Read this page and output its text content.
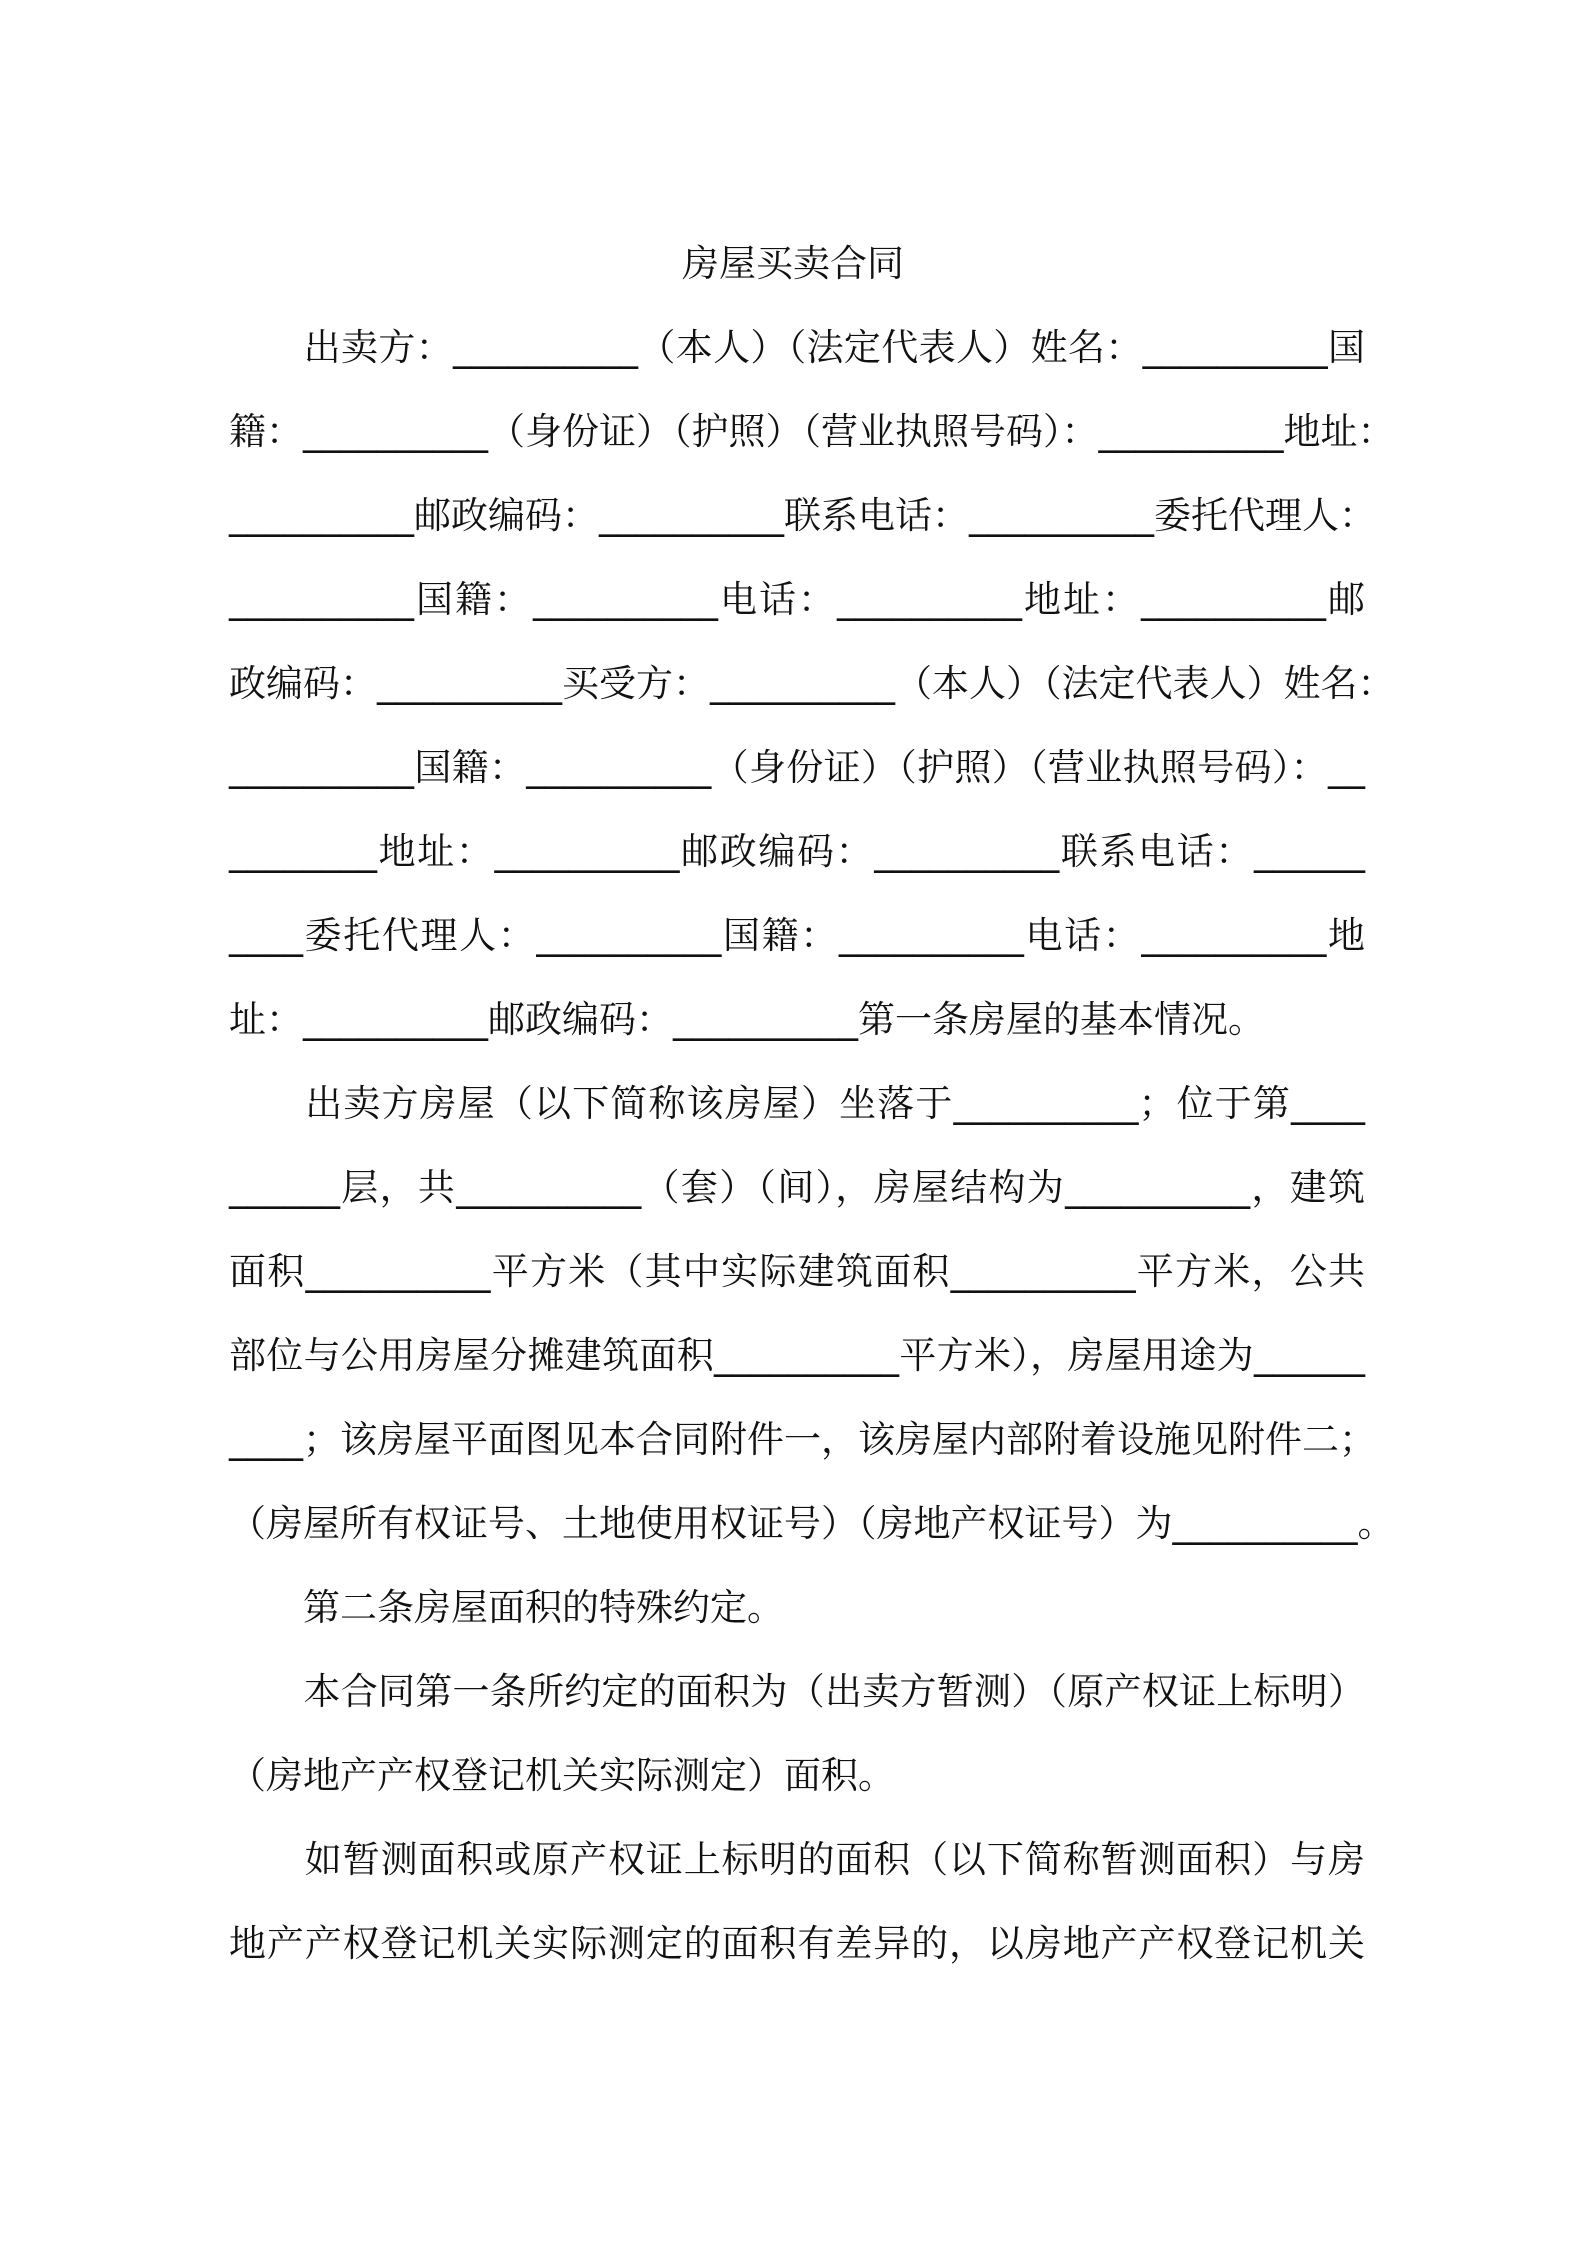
房屋买卖合同
　　出卖方：__________（本人）（法定代表人）姓名：__________国
籍：__________（身份证）（护照）（营业执照号码）：__________地址：
__________邮政编码：__________联系电话：__________委托代理人：
__________国籍：__________电话：__________地址：__________邮
政编码：__________买受方：__________（本人）（法定代表人）姓名：
__________国籍：__________（身份证）（护照）（营业执照号码）：__
________地址：__________邮政编码：__________联系电话：______
____委托代理人：__________国籍：__________电话：__________地
址：__________邮政编码：__________第一条房屋的基本情况。
　　出卖方房屋（以下简称该房屋）坐落于__________；位于第____
______层，共__________（套）（间），房屋结构为__________，建筑
面积__________平方米（其中实际建筑面积__________平方米，公共
部位与公用房屋分摊建筑面积__________平方米），房屋用途为______
____；该房屋平面图见本合同附件一，该房屋内部附着设施见附件二；
（房屋所有权证号、土地使用权证号）（房地产权证号）为__________。
　　第二条房屋面积的特殊约定。
　　本合同第一条所约定的面积为（出卖方暂测）（原产权证上标明）
（房地产产权登记机关实际测定）面积。
　　如暂测面积或原产权证上标明的面积（以下简称暂测面积）与房
地产产权登记机关实际测定的面积有差异的，以房地产产权登记机关
